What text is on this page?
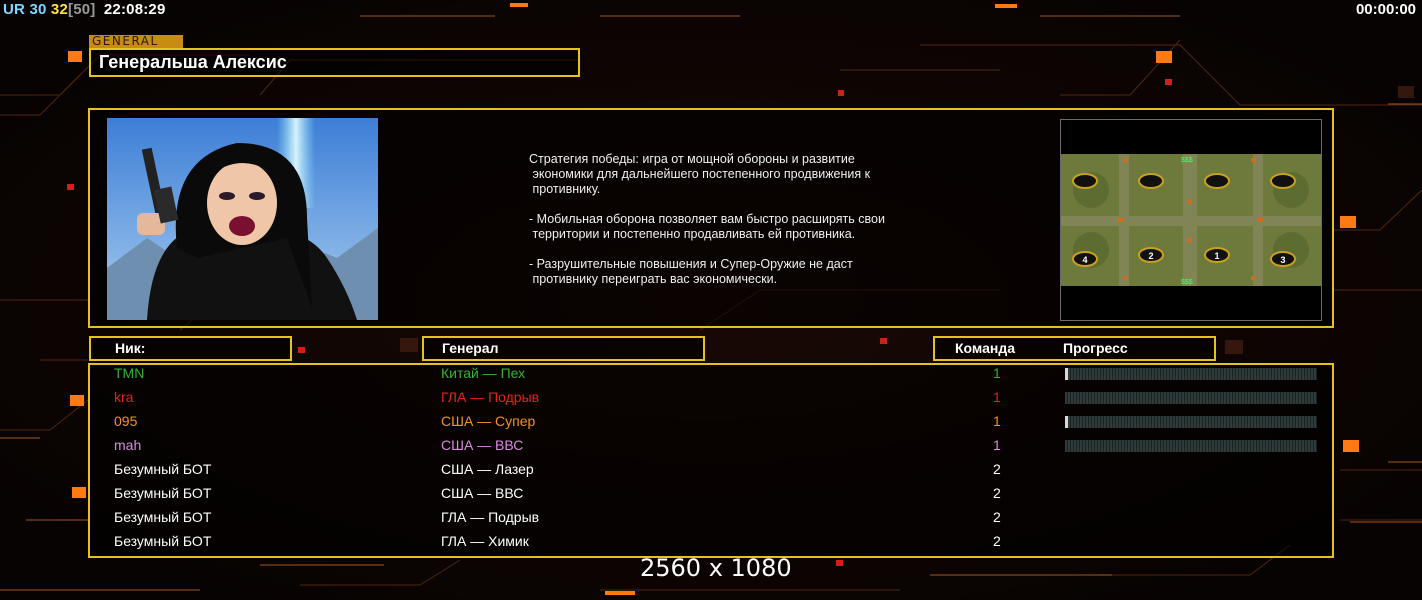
UR 30 32[50] 22:08:29	00:00:00
GENERAL
Генеральша Алексис

Стратегия победы: игра от мощной обороны и развитие
экономики для дальнейшего постепенного продвижения к
противнику.

- Мобильная оборона позволяет вам быстро расширять свои
территории и постепенно продавливать ей противника.

- Разрушительные повышения и Супер-Оружие не даст
противнику переиграть вас экономически.

4	2	1	3
$$$
$$$
Ник:	Генерал	Команда	Прогресс
TMN	Китай — Пех	1
kra	ГЛА — Подрыв	1
095	США — Супер	1
mah	США — ВВС	1
Безумный БОТ	США — Лазер	2
Безумный БОТ	США — ВВС	2
Безумный БОТ	ГЛА — Подрыв	2
Безумный БОТ	ГЛА — Химик	2
2560 x 1080
